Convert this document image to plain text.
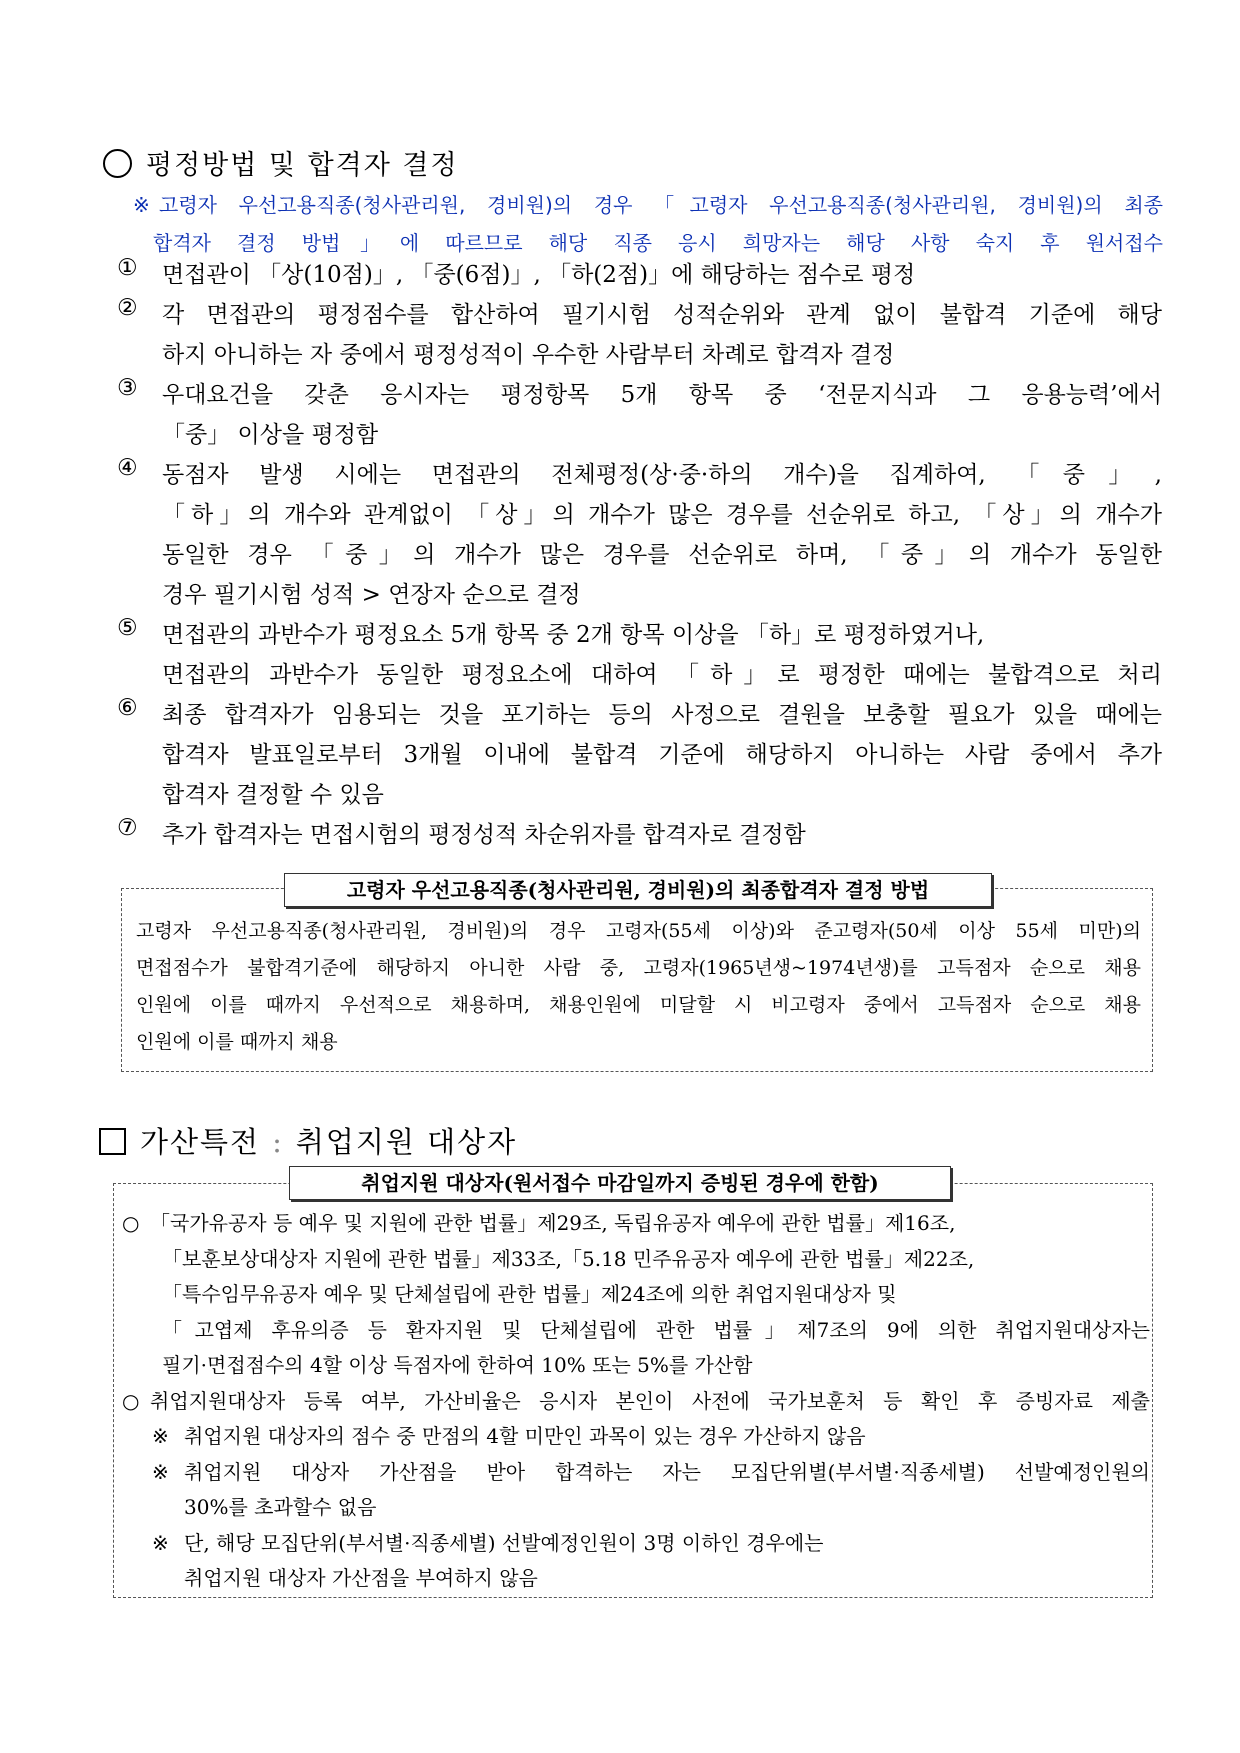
평정방법 및 합격자 결정
※ 고령자 우선고용직종(청사관리원, 경비원)의 경우 「고령자 우선고용직종(청사관리원, 경비원)의 최종
합격자 결정 방법」에 따르므로 해당 직종 응시 희망자는 해당 사항 숙지 후 원서접수
① 면접관이 「상(10점)」, 「중(6점)」, 「하(2점)」에 해당하는 점수로 평정
② 각 면접관의 평정점수를 합산하여 필기시험 성적순위와 관계 없이 불합격 기준에 해당
하지 아니하는 자 중에서 평정성적이 우수한 사람부터 차례로 합격자 결정
③ 우대요건을 갖춘 응시자는 평정항목 5개 항목 중 ‘전문지식과 그 응용능력’에서
「중」 이상을 평정함
④ 동점자 발생 시에는 면접관의 전체평정(상·중·하의 개수)을 집계하여, 「중」,
「하」의 개수와 관계없이 「상」의 개수가 많은 경우를 선순위로 하고, 「상」의 개수가
동일한 경우 「중」의 개수가 많은 경우를 선순위로 하며, 「중」의 개수가 동일한
경우 필기시험 성적 > 연장자 순으로 결정
⑤ 면접관의 과반수가 평정요소 5개 항목 중 2개 항목 이상을 「하」로 평정하였거나,
면접관의 과반수가 동일한 평정요소에 대하여 「하」로 평정한 때에는 불합격으로 처리
⑥ 최종 합격자가 임용되는 것을 포기하는 등의 사정으로 결원을 보충할 필요가 있을 때에는
합격자 발표일로부터 3개월 이내에 불합격 기준에 해당하지 아니하는 사람 중에서 추가
합격자 결정할 수 있음
⑦ 추가 합격자는 면접시험의 평정성적 차순위자를 합격자로 결정함
고령자 우선고용직종(청사관리원, 경비원)의 최종합격자 결정 방법
고령자 우선고용직종(청사관리원, 경비원)의 경우 고령자(55세 이상)와 준고령자(50세 이상 55세 미만)의
면접점수가 불합격기준에 해당하지 아니한 사람 중, 고령자(1965년생~1974년생)를 고득점자 순으로 채용
인원에 이를 때까지 우선적으로 채용하며, 채용인원에 미달할 시 비고령자 중에서 고득점자 순으로 채용
인원에 이를 때까지 채용
가산특전 : 취업지원 대상자
취업지원 대상자(원서접수 마감일까지 증빙된 경우에 한함)
○ 「국가유공자 등 예우 및 지원에 관한 법률」제29조, 독립유공자 예우에 관한 법률」제16조,
「보훈보상대상자 지원에 관한 법률」제33조,「5.18 민주유공자 예우에 관한 법률」제22조,
「특수임무유공자 예우 및 단체설립에 관한 법률」제24조에 의한 취업지원대상자 및
「고엽제 후유의증 등 환자지원 및 단체설립에 관한 법률」제7조의 9에 의한 취업지원대상자는
필기·면접점수의 4할 이상 득점자에 한하여 10% 또는 5%를 가산함
○ 취업지원대상자 등록 여부, 가산비율은 응시자 본인이 사전에 국가보훈처 등 확인 후 증빙자료 제출
※ 취업지원 대상자의 점수 중 만점의 4할 미만인 과목이 있는 경우 가산하지 않음
※ 취업지원 대상자 가산점을 받아 합격하는 자는 모집단위별(부서별·직종세별) 선발예정인원의
30%를 초과할수 없음
※ 단, 해당 모집단위(부서별·직종세별) 선발예정인원이 3명 이하인 경우에는
취업지원 대상자 가산점을 부여하지 않음
